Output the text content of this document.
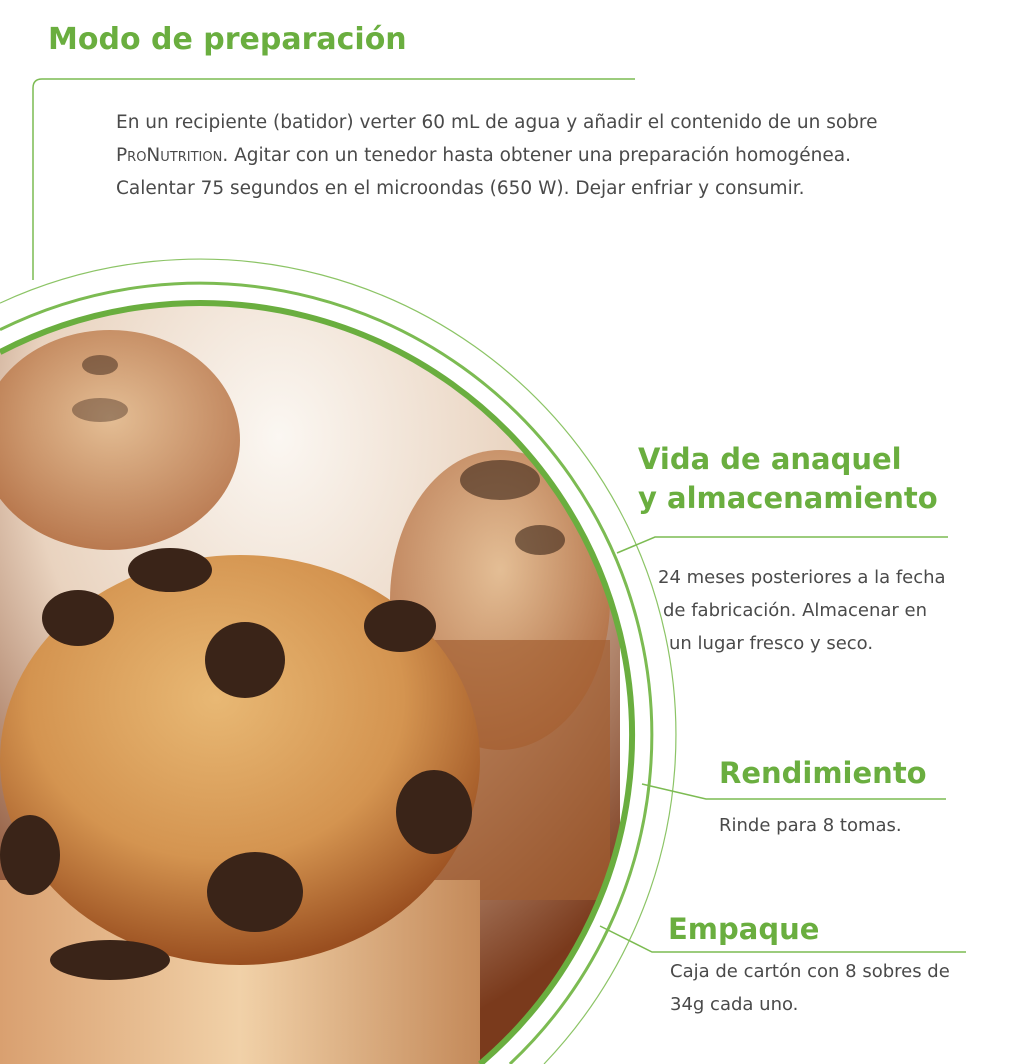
Modo de preparación
En un recipiente (batidor) verter 60 mL de agua y añadir el contenido de un sobre
ProNutrition. Agitar con un tenedor hasta obtener una preparación homogénea.
Calentar 75 segundos en el microondas (650 W). Dejar enfriar y consumir.
Vida de anaquel
y almacenamiento
24 meses posteriores a la fecha
de fabricación. Almacenar en
un lugar fresco y seco.
Rendimiento
Rinde para 8 tomas.
Empaque
Caja de cartón con 8 sobres de
34g cada uno.
